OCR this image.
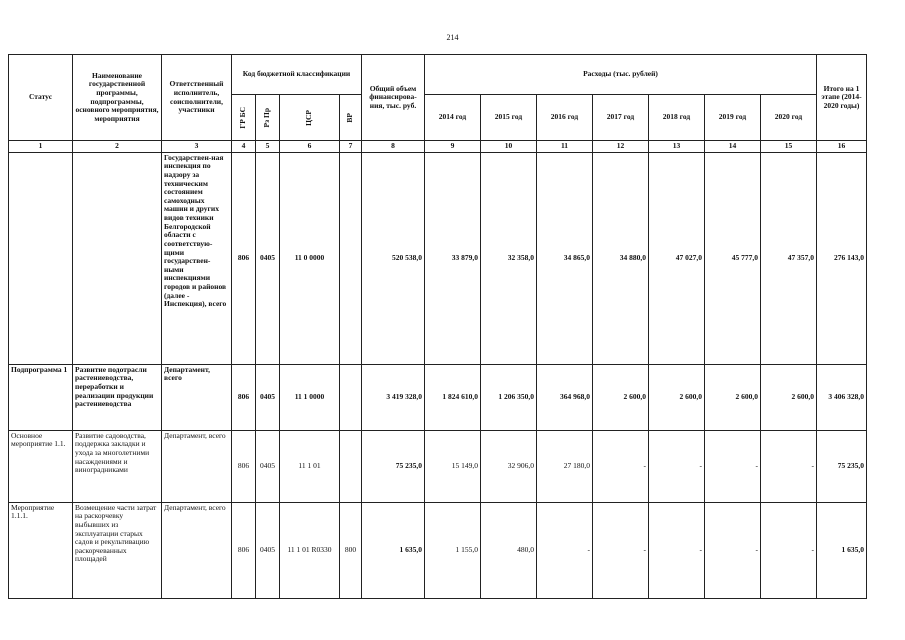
214
Статус	Наименование государственной программы, подпрограммы, основного мероприятия, мероприятия	Ответственный исполнитель, соисполнители, участники	Код бюджетной классификации				Общий объем финансирова-ния, тыс. руб.	Расходы (тыс. рублей)							Итого на 1 этапе (2014-2020 годы)

			ГР БС	Рз Пр	ЦСР	ВР		2014 год	2015 год	2016 год	2017 год	2018 год	2019 год	2020 год	
1	2	3	4	5	6	7	8	9	10	11	12	13	14	15	16
		Государствен-ная инспекция по надзору за техническим состоянием самоходных машин и других видов техники Белгородской области с соответствую-щими государствен-ными инспекциями городов и районов (далее - Инспекция), всего	806	0405	11 0 0000		520 538,0	33 879,0	32 358,0	34 865,0	34 880,0	47 027,0	45 777,0	47 357,0	276 143,0
Подпрограмма 1	Развитие подотрасли растениеводства, переработки и реализации продукции растениеводства	Департамент, всего	806	0405	11 1 0000		3 419 328,0	1 824 610,0	1 206 350,0	364 968,0	2 600,0	2 600,0	2 600,0	2 600,0	3 406 328,0
Основное мероприятие 1.1.	Развитие садоводства, поддержка закладки и ухода за многолетними насаждениями и виноградниками	Департамент, всего	806	0405	11 1 01		75 235,0	15 149,0	32 906,0	27 180,0	-	-	-	-	75 235,0
Мероприятие 1.1.1.	Возмещение части затрат на раскорчевку выбывших из эксплуатации старых садов и рекультивацию раскорчеванных площадей	Департамент, всего	806	0405	11 1 01 R0330	800	1 635,0	1 155,0	480,0	-	-	-	-	-	1 635,0
